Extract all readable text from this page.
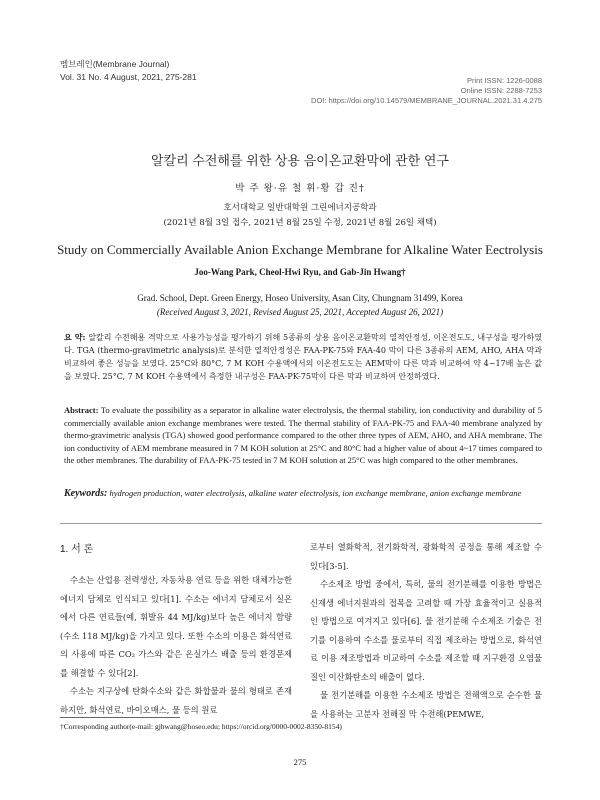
멤브레인(Membrane Journal)
Vol. 31 No. 4 August, 2021, 275-281	Print ISSN: 1226-0088
Online ISSN: 2288-7253
DOI: https://doi.org/10.14579/MEMBRANE_JOURNAL.2021.31.4.275
알칼리 수전해를 위한 상용 음이온교환막에 관한 연구
박 주 왕·유 철 휘·황 갑 진†
호서대학교 일반대학원 그린에너지공학과
(2021년 8월 3일 접수, 2021년 8월 25일 수정, 2021년 8월 26일 채택)
Study on Commercially Available Anion Exchange Membrane for Alkaline Water Eectrolysis
Joo-Wang Park, Cheol-Hwi Ryu, and Gab-Jin Hwang†
Grad. School, Dept. Green Energy, Hoseo University, Asan City, Chungnam 31499, Korea
(Received August 3, 2021, Revised August 25, 2021, Accepted August 26, 2021)
요 약: 알칼리 수전해용 격막으로 사용가능성을 평가하기 위해 5종류의 상용 음이온교환막의 열적안정성, 이온전도도, 내구성을 평가하였다. TGA (thermo-gravimetric analysis)로 분석한 열적안정성은 FAA-PK-75와 FAA-40 막이 다른 3종류의 AEM, AHO, AHA 막과 비교하여 좋은 성능을 보였다. 25°C와 80°C, 7 M KOH 수용액에서의 이온전도도는 AEM막이 다른 막과 비교하여 약 4~17배 높은 값을 보였다. 25°C, 7 M KOH 수용액에서 측정한 내구성은 FAA-PK-75막이 다른 막과 비교하여 안정하였다.
Abstract: To evaluate the possibility as a separator in alkaline water electrolysis, the thermal stability, ion conductivity and durability of 5 commercially available anion exchange membranes were tested. The thermal stability of FAA-PK-75 and FAA-40 membrane analyzed by thermo-gravimetric analysis (TGA) showed good performance compared to the other three types of AEM, AHO, and AHA membrane. The ion conductivity of AEM membrane measured in 7 M KOH solution at 25°C and 80°C had a higher value of about 4~17 times compared to the other membranes. The durability of FAA-PK-75 tested in 7 M KOH solution at 25°C was high compared to the other membranes.
Keywords: hydrogen production, water electrolysis, alkaline water electrolysis, ion exchange membrane, anion exchange membrane
1. 서 론
수소는 산업용 전력생산, 자동차용 연료 등을 위한 대체가능한 에너지 담체로 인식되고 있다[1]. 수소는 에너지 담체로서 실온에서 다른 연료들(예, 휘발유 44 MJ/kg)보다 높은 에너지 함량(수소 118 MJ/kg)을 가지고 있다. 또한 수소의 이용은 화석연료의 사용에 따른 CO₂ 가스와 같은 온실가스 배출 등의 환경문제를 해결할 수 있다[2].
수소는 지구상에 탄화수소와 같은 화합물과 물의 형태로 존재하지만, 화석연료, 바이오매스, 물 등의 원료
로부터 열화학적, 전기화학적, 광화학적 공정을 통해 제조할 수 있다[3-5].
수소제조 방법 중에서, 특히, 물의 전기분해를 이용한 방법은 신재생 에너지원과의 접목을 고려할 때 가장 효율적이고 실용적인 방법으로 여겨지고 있다[6]. 물 전기분해 수소제조 기술은 전기를 이용하여 수소를 물로부터 직접 제조하는 방법으로, 화석연료 이용 제조방법과 비교하여 수소를 제조할 때 지구환경 오염물질인 이산화탄소의 배출이 없다.
물 전기분해를 이용한 수소제조 방법은 전해액으로 순수한 물을 사용하는 고분자 전해질 막 수전해(PEMWE,
†Corresponding author(e-mail: gjhwang@hoseo.edu; https://orcid.org/0000-0002-8350-8154)
275
